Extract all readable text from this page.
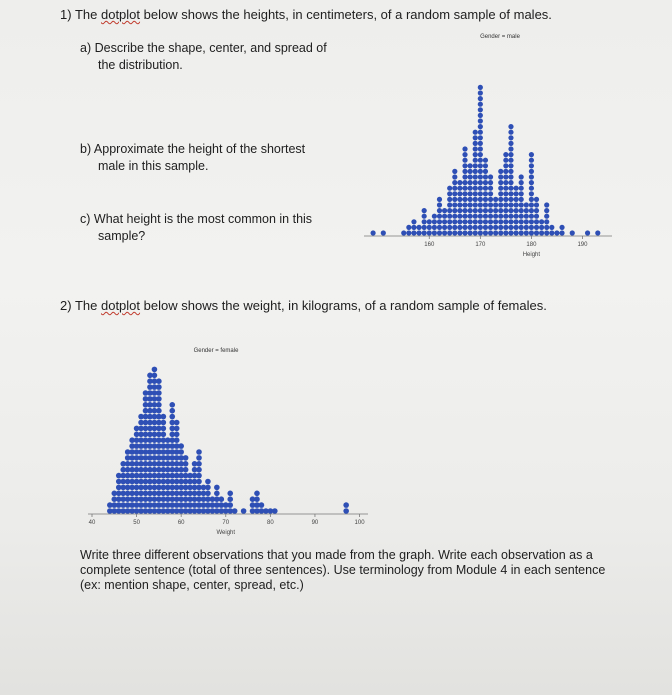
1) The dotplot below shows the heights, in centimeters, of a random sample of males.
a) Describe the shape, center, and spread of
the distribution.
b) Approximate the height of the shortest
male in this sample.
c) What height is the most common in this
sample?
Gender = male
160	170	180	190
Height
2) The dotplot below shows the weight, in kilograms, of a random sample of females.
Gender = female
40	50	60	70	80	90	100
Weight
Write three different observations that you made from the graph. Write each observation as a
complete sentence (total of three sentences). Use terminology from Module 4 in each sentence
(ex: mention shape, center, spread, etc.)
